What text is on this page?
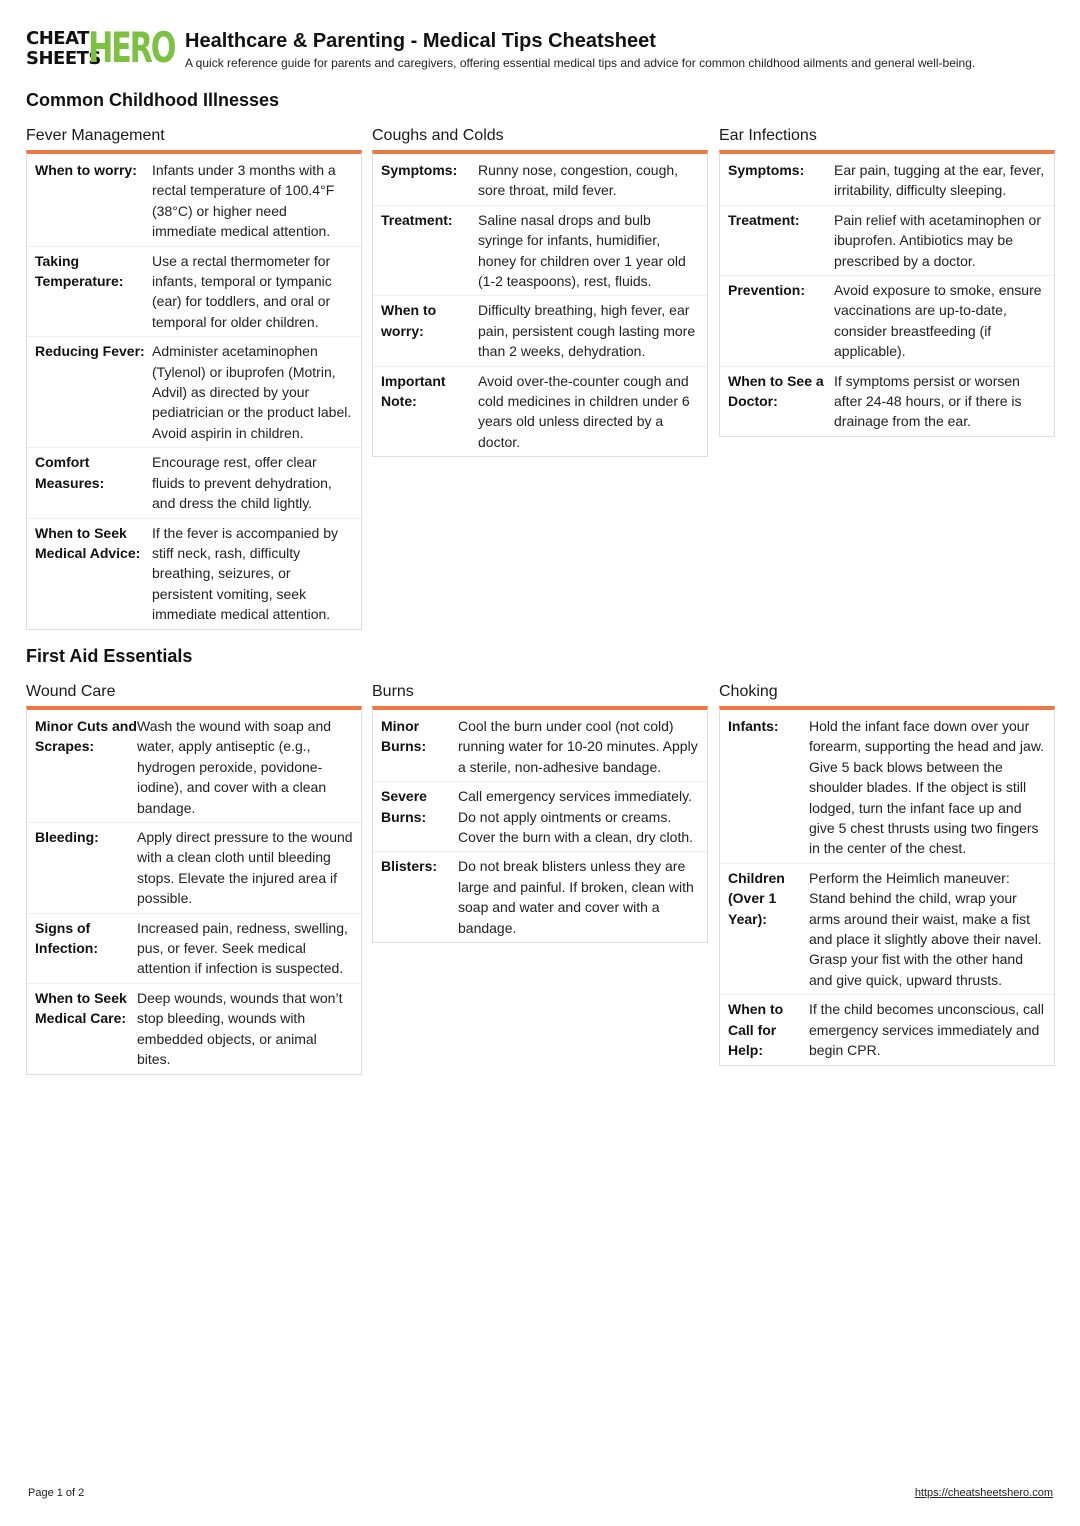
CHEAT
SHEETS
HERO Healthcare & Parenting - Medical Tips Cheatsheet
A quick reference guide for parents and caregivers, offering essential medical tips and advice for common childhood ailments and general well-being.
Common Childhood Illnesses
Fever Management
When to worry:	Infants under 3 months with a rectal temperature of 100.4°F (38°C) or higher need immediate medical attention.
Taking Temperature:
Use a rectal thermometer for infants, temporal or tympanic (ear) for toddlers, and oral or temporal for older children.
Reducing Fever: Administer acetaminophen (Tylenol) or ibuprofen (Motrin, Advil) as directed by your pediatrician or the product label. Avoid aspirin in children.
Comfort Measures:
Encourage rest, offer clear fluids to prevent dehydration, and dress the child lightly.
When to Seek Medical Advice:
If the fever is accompanied by stiff neck, rash, difficulty breathing, seizures, or persistent vomiting, seek immediate medical attention.
Coughs and Colds
Symptoms:	Runny nose, congestion, cough, sore throat, mild fever.
Treatment:	Saline nasal drops and bulb syringe for infants, humidifier, honey for children over 1 year old (1-2 teaspoons), rest, fluids.
When to worry:
Difficulty breathing, high fever, ear pain, persistent cough lasting more than 2 weeks, dehydration.
Important Note:
Avoid over-the-counter cough and cold medicines in children under 6 years old unless directed by a doctor.
Ear Infections
Symptoms:	Ear pain, tugging at the ear, fever, irritability, difficulty sleeping.
Treatment:	Pain relief with acetaminophen or ibuprofen. Antibiotics may be prescribed by a doctor.
Prevention:	Avoid exposure to smoke, ensure vaccinations are up-to-date, consider breastfeeding (if applicable).
When to See a Doctor:
If symptoms persist or worsen after 24-48 hours, or if there is drainage from the ear.
First Aid Essentials
Wound Care
Minor Cuts and Scrapes:
Wash the wound with soap and water, apply antiseptic (e.g., hydrogen peroxide, povidone-iodine), and cover with a clean bandage.
Bleeding:	Apply direct pressure to the wound with a clean cloth until bleeding stops. Elevate the injured area if possible.
Signs of Infection:
Increased pain, redness, swelling, pus, or fever. Seek medical attention if infection is suspected.
When to Seek Medical Care:
Deep wounds, wounds that won’t stop bleeding, wounds with embedded objects, or animal bites.
Burns
Minor Burns:
Cool the burn under cool (not cold) running water for 10-20 minutes. Apply a sterile, non-adhesive bandage.
Severe Burns:
Call emergency services immediately. Do not apply ointments or creams. Cover the burn with a clean, dry cloth.
Blisters:	Do not break blisters unless they are large and painful. If broken, clean with soap and water and cover with a bandage.
Choking
Infants:	Hold the infant face down over your forearm, supporting the head and jaw. Give 5 back blows between the shoulder blades. If the object is still lodged, turn the infant face up and give 5 chest thrusts using two fingers in the center of the chest.
Children (Over 1 Year):
Perform the Heimlich maneuver: Stand behind the child, wrap your arms around their waist, make a fist and place it slightly above their navel. Grasp your fist with the other hand and give quick, upward thrusts.
When to Call for Help:
If the child becomes unconscious, call emergency services immediately and begin CPR.
Page 1 of 2	https://cheatsheetshero.com
